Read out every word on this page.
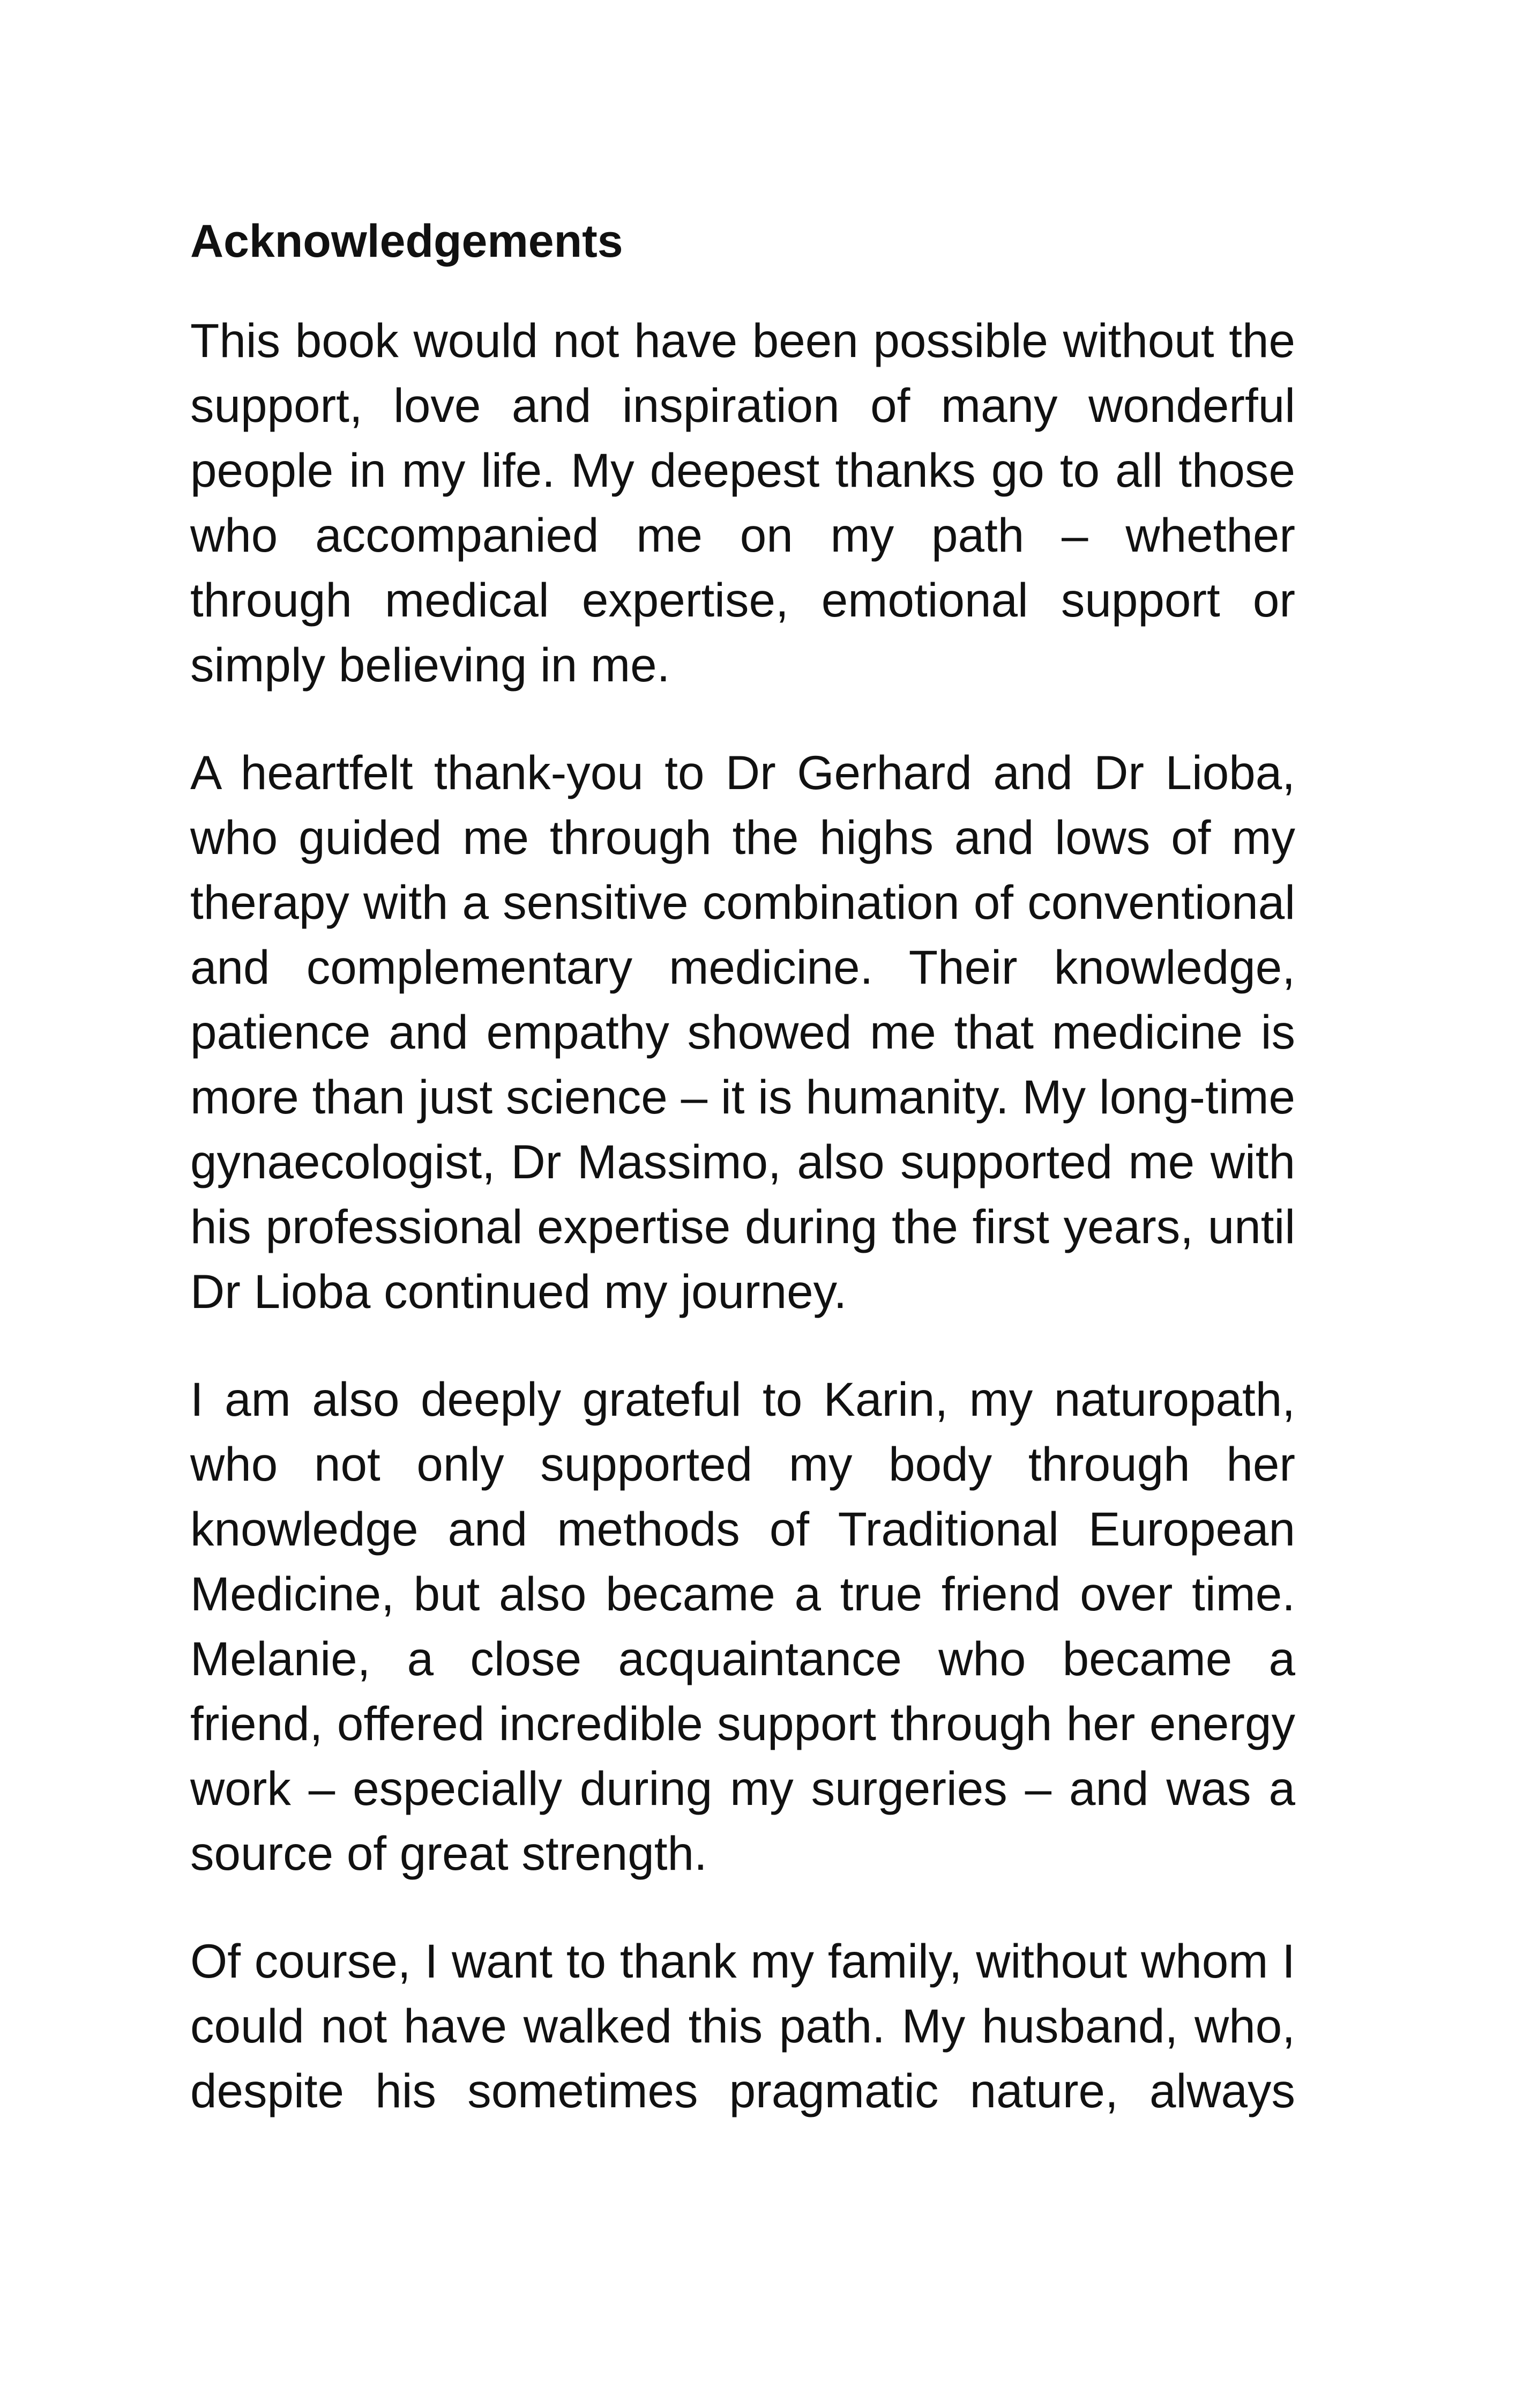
Acknowledgements

This book would not have been possible without the support, love and inspiration of many wonderful people in my life. My deepest thanks go to all those who accompanied me on my path – whether through medical expertise, emotional support or simply believing in me.

A heartfelt thank-you to Dr Gerhard and Dr Lioba, who guided me through the highs and lows of my therapy with a sensitive combination of conventional and complementary medicine. Their knowledge, patience and empathy showed me that medicine is more than just science – it is humanity. My long-time gynaecologist, Dr Massimo, also supported me with his professional expertise during the first years, until Dr Lioba continued my journey.

I am also deeply grateful to Karin, my naturopath, who not only supported my body through her knowledge and methods of Traditional European Medicine, but also became a true friend over time. Melanie, a close acquaintance who became a friend, offered incredible support through her energy work – especially during my surgeries – and was a source of great strength.

Of course, I want to thank my family, without whom I could not have walked this path. My husband, who, despite his sometimes pragmatic nature, always
